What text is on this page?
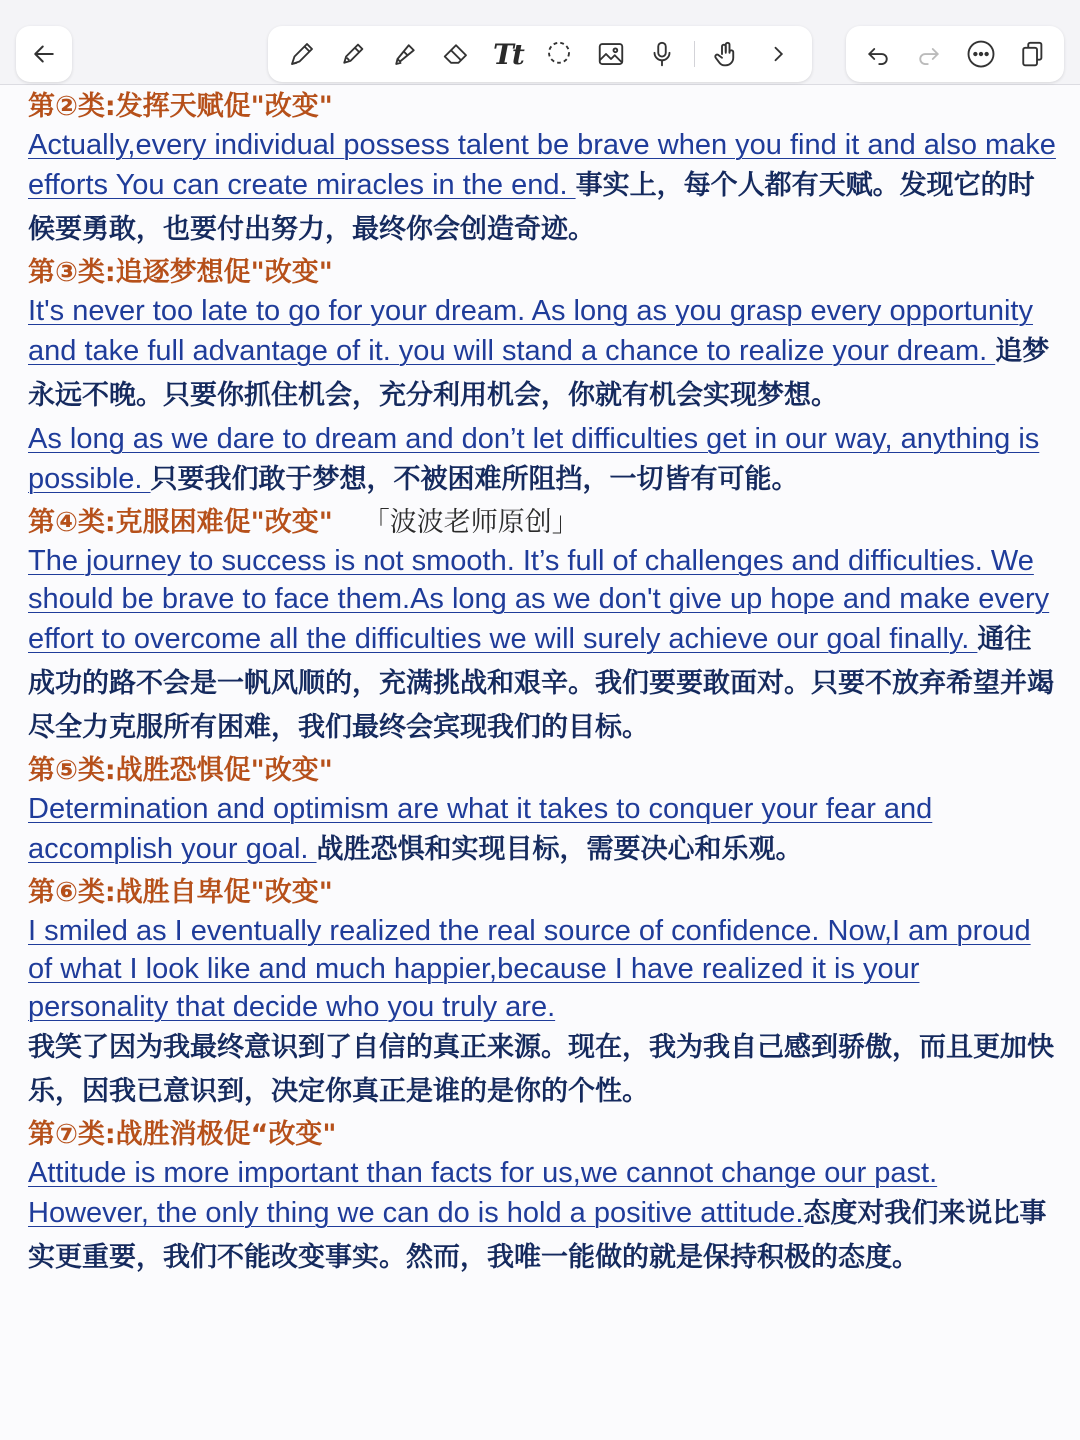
Tt

第②类:发挥天赋促"改变"

Actually,every individual possess talent be brave when you find it and also make efforts You can create miracles in the end. 事实上，每个人都有天赋。发现它的时候要勇敢，也要付出努力，最终你会创造奇迹。

第③类:追逐梦想促"改变"

It's never too late to go for your dream. As long as you grasp every opportunity and take full advantage of it. you will stand a chance to realize your dream. 追梦永远不晚。只要你抓住机会，充分利用机会，你就有机会实现梦想。

As long as we dare to dream and don’t let difficulties get in our way, anything is possible. 只要我们敢于梦想，不被困难所阻挡，一切皆有可能。

第④类:克服困难促"改变" 「波波老师原创」

The journey to success is not smooth. It’s full of challenges and difficulties. We should be brave to face them.As long as we don't give up hope and make every effort to overcome all the difficulties we will surely achieve our goal finally. 通往成功的路不会是一帆风顺的，充满挑战和艰辛。我们要要敢面对。只要不放弃希望并竭尽全力克服所有困难，我们最终会宾现我们的目标。

第⑤类:战胜恐惧促"改变"

Determination and optimism are what it takes to conquer your fear and accomplish your goal. 战胜恐惧和实现目标，需要决心和乐观。

第⑥类:战胜自卑促"改变"

I smiled as I eventually realized the real source of confidence. Now,I am proud of what I look like and much happier,because I have realized it is your personality that decide who you truly are.
我笑了因为我最终意识到了自信的真正来源。现在，我为我自己感到骄傲，而且更加快乐，因我已意识到，决定你真正是谁的是你的个性。

第⑦类:战胜消极促“改变"

Attitude is more important than facts for us,we cannot change our past. However, the only thing we can do is hold a positive attitude.态度对我们来说比事实更重要，我们不能改变事实。然而，我唯一能做的就是保持积极的态度。
